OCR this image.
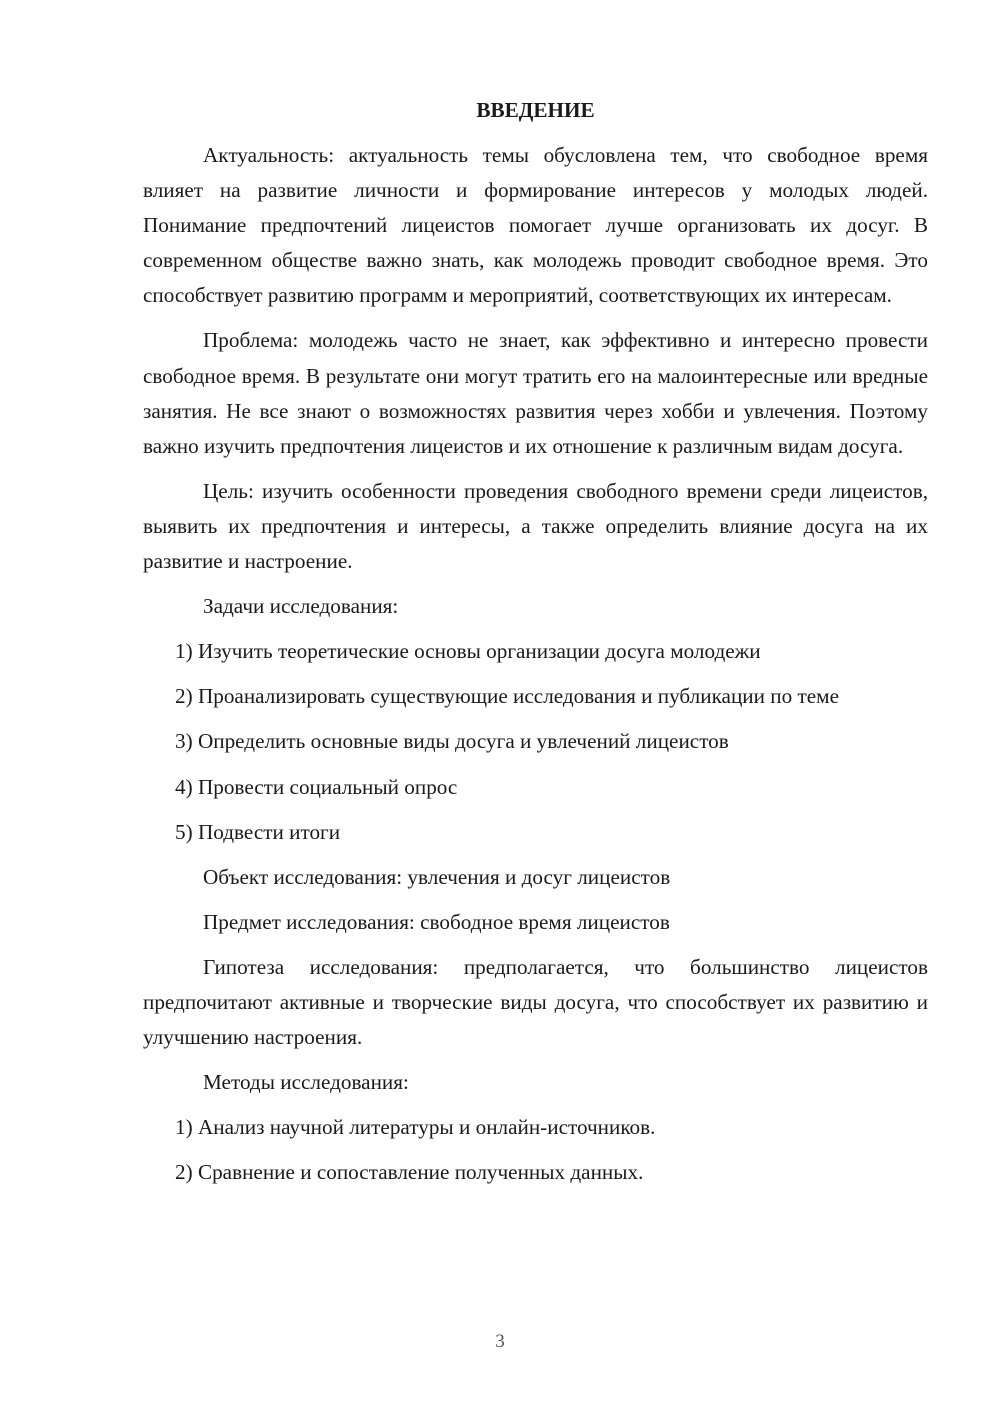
ВВЕДЕНИЕ

Актуальность: актуальность темы обусловлена тем, что свободное время влияет на развитие личности и формирование интересов у молодых людей. Понимание предпочтений лицеистов помогает лучше организовать их досуг. В современном обществе важно знать, как молодежь проводит свободное время. Это способствует развитию программ и мероприятий, соответствующих их интересам.

Проблема: молодежь часто не знает, как эффективно и интересно провести свободное время. В результате они могут тратить его на малоинтересные или вредные занятия. Не все знают о возможностях развития через хобби и увлечения. Поэтому важно изучить предпочтения лицеистов и их отношение к различным видам досуга.

Цель: изучить особенности проведения свободного времени среди лицеистов, выявить их предпочтения и интересы, а также определить влияние досуга на их развитие и настроение.

Задачи исследования:

1) Изучить теоретические основы организации досуга молодежи

2) Проанализировать существующие исследования и публикации по теме

3) Определить основные виды досуга и увлечений лицеистов

4) Провести социальный опрос

5) Подвести итоги

Объект исследования: увлечения и досуг лицеистов

Предмет исследования: свободное время лицеистов

Гипотеза исследования: предполагается, что большинство лицеистов предпочитают активные и творческие виды досуга, что способствует их развитию и улучшению настроения.

Методы исследования:

1) Анализ научной литературы и онлайн-источников.

2) Сравнение и сопоставление полученных данных.

3
